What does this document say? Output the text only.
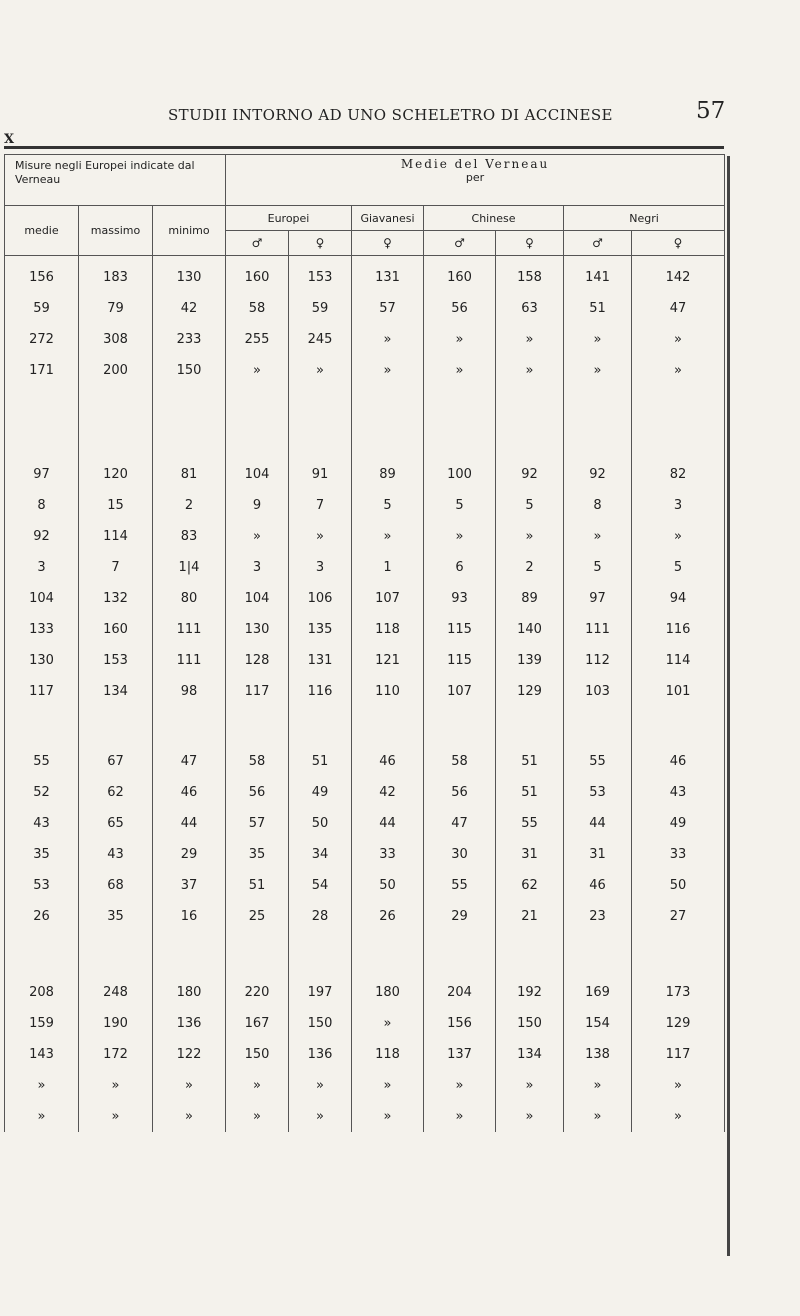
STUDII INTORNO AD UNO SCHELETRO DI ACCINESE	57
X
Misure negli Europei indicate dal Verneau			Medie del Verneau
per						

medie	massimo	minimo	Europei		Giavanesi	Chinese		Negri	
			♂	♀	♀	♂	♀	♂	♀
156	183	130	160	153	131	160	158	141	142
59	79	42	58	59	57	56	63	51	47
272	308	233	255	245	»	»	»	»	»
171	200	150	»	»	»	»	»	»	»
97	120	81	104	91	89	100	92	92	82
8	15	2	9	7	5	5	5	8	3
92	114	83	»	»	»	»	»	»	»
3	7	1|4	3	3	1	6	2	5	5
104	132	80	104	106	107	93	89	97	94
133	160	111	130	135	118	115	140	111	116
130	153	111	128	131	121	115	139	112	114
117	134	98	117	116	110	107	129	103	101
55	67	47	58	51	46	58	51	55	46
52	62	46	56	49	42	56	51	53	43
43	65	44	57	50	44	47	55	44	49
35	43	29	35	34	33	30	31	31	33
53	68	37	51	54	50	55	62	46	50
26	35	16	25	28	26	29	21	23	27
208	248	180	220	197	180	204	192	169	173
159	190	136	167	150	»	156	150	154	129
143	172	122	150	136	118	137	134	138	117
»	»	»	»	»	»	»	»	»	»
»	»	»	»	»	»	»	»	»	»
